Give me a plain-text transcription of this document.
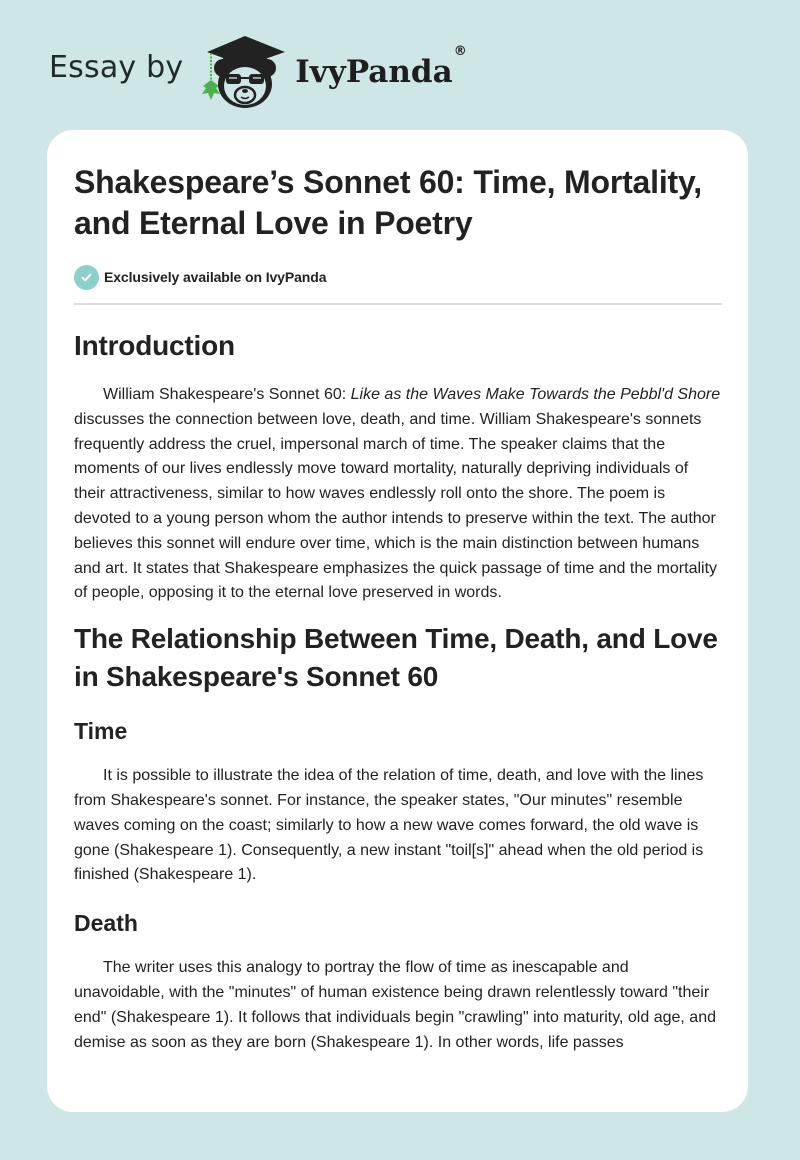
Essay by	IvyPanda®
Shakespeare’s Sonnet 60: Time, Mortality, and Eternal Love in Poetry
Exclusively available on IvyPanda
Introduction

William Shakespeare's Sonnet 60: Like as the Waves Make Towards the Pebbl'd Shore discusses the connection between love, death, and time. William Shakespeare's sonnets frequently address the cruel, impersonal march of time. The speaker claims that the moments of our lives endlessly move toward mortality, naturally depriving individuals of their attractiveness, similar to how waves endlessly roll onto the shore. The poem is devoted to a young person whom the author intends to preserve within the text. The author believes this sonnet will endure over time, which is the main distinction between humans and art. It states that Shakespeare emphasizes the quick passage of time and the mortality of people, opposing it to the eternal love preserved in words.

The Relationship Between Time, Death, and Love in Shakespeare's Sonnet 60
Time

It is possible to illustrate the idea of the relation of time, death, and love with the lines from Shakespeare's sonnet. For instance, the speaker states, "Our minutes" resemble waves coming on the coast; similarly to how a new wave comes forward, the old wave is gone (Shakespeare 1). Consequently, a new instant "toil[s]" ahead when the old period is finished (Shakespeare 1).

Death

The writer uses this analogy to portray the flow of time as inescapable and unavoidable, with the "minutes" of human existence being drawn relentlessly toward "their end" (Shakespeare 1). It follows that individuals begin "crawling" into maturity, old age, and demise as soon as they are born (Shakespeare 1). In other words, life passes
